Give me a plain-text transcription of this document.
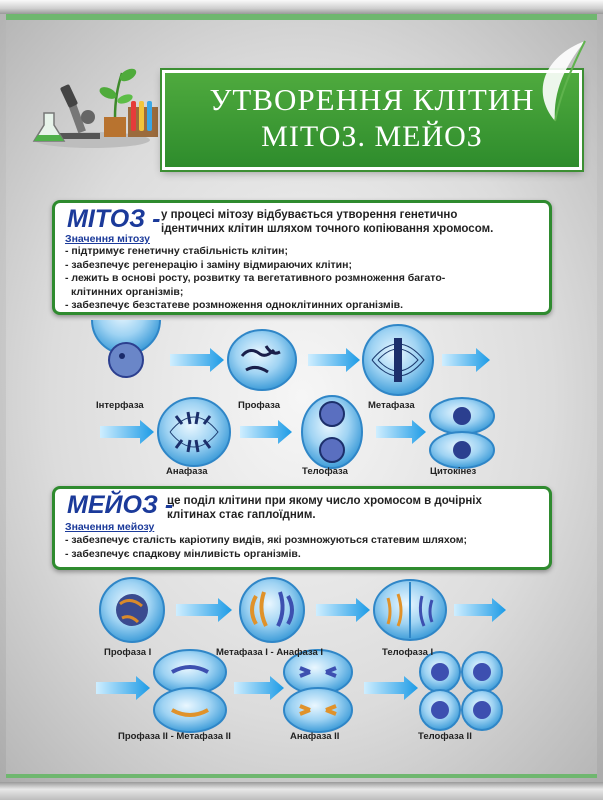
УТВОРЕННЯ КЛІТИН
МІТОЗ. МЕЙОЗ
МІТОЗ - у процесі мітозу відбувається утворення генетично
ідентичних клітин шляхом точного копіювання хромосом.
Значення мітозу
- підтримує генетичну стабільність клітин;
- забезпечує регенерацію і заміну відмираючих клітин;
- лежить в основі росту, розвитку та вегетативного розмноження багато-
клітинних організмів;
- забезпечує безстатеве розмноження одноклітинних організмів.
Інтерфаза	Профаза	Метафаза
Анафаза	Телофаза	Цитокінез
МЕЙОЗ -
це поділ клітини при якому число хромосом в дочірніх
клітинах стає гаплоїдним.
Значення мейозу
- забезпечує сталість каріотипу видів, які розмножуються статевим шляхом;
- забезпечує спадкову мінливість організмів.
Профаза І	Метафаза І - Анафаза І	Телофаза І
Профаза ІІ - Метафаза ІІ	Анафаза ІІ	Телофаза ІІ
